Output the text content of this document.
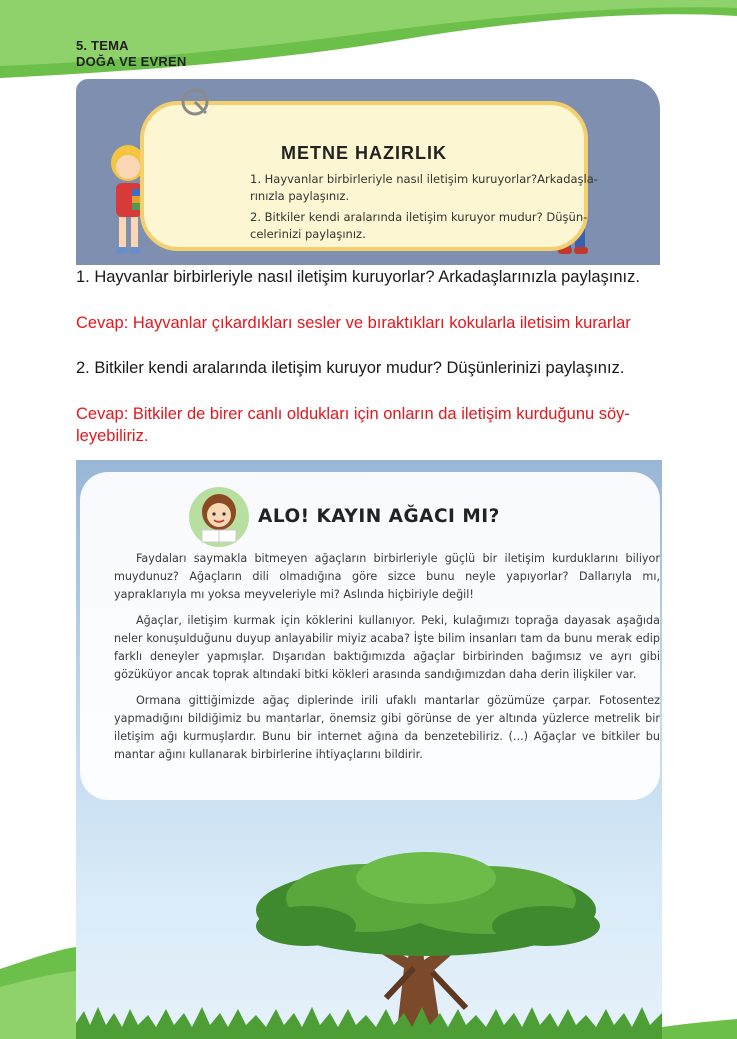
5. TEMA
DOĞA VE EVREN
METNE HAZIRLIK
1. Hayvanlar birbirleriyle nasıl iletişim kuruyorlar?Arkadaşla-
rınızla paylaşınız.
2. Bitkiler kendi aralarında iletişim kuruyor mudur? Düşün-
celerinizi paylaşınız.
1. Hayvanlar birbirleriyle nasıl iletişim kuruyorlar? Arkadaşlarınızla paylaşınız.
Cevap: Hayvanlar çıkardıkları sesler ve bıraktıkları kokularla iletisim kurarlar
2. Bitkiler kendi aralarında iletişim kuruyor mudur? Düşünlerinizi paylaşınız.
Cevap: Bitkiler de birer canlı oldukları için onların da iletişim kurduğunu söy-leyebiliriz.
ALO! KAYIN AĞACI MI?

Faydaları saymakla bitmeyen ağaçların birbirleriyle güçlü bir iletişim kurduklarını biliyor muydunuz? Ağaçların dili olmadığına göre sizce bunu neyle yapıyorlar? Dallarıyla mı, yapraklarıyla mı yoksa meyveleriyle mi? Aslında hiçbiriyle değil!

Ağaçlar, iletişim kurmak için köklerini kullanıyor. Peki, kulağımızı toprağa dayasak aşağıda neler konuşulduğunu duyup anlayabilir miyiz acaba? İşte bilim insanları tam da bunu merak edip farklı deneyler yapmışlar. Dışarıdan baktığımızda ağaçlar birbirinden bağımsız ve ayrı gibi gözüküyor ancak toprak altındaki bitki kökleri arasında sandığımızdan daha derin ilişkiler var.

Ormana gittiğimizde ağaç diplerinde irili ufaklı mantarlar gözümüze çarpar. Fotosentez yapmadığını bildiğimiz bu mantarlar, önemsiz gibi görünse de yer altında yüzlerce metrelik bir iletişim ağı kurmuşlardır. Bunu bir internet ağına da benzetebiliriz. (...) Ağaçlar ve bitkiler bu mantar ağını kullanarak birbirlerine ihtiyaçlarını bildirir.
